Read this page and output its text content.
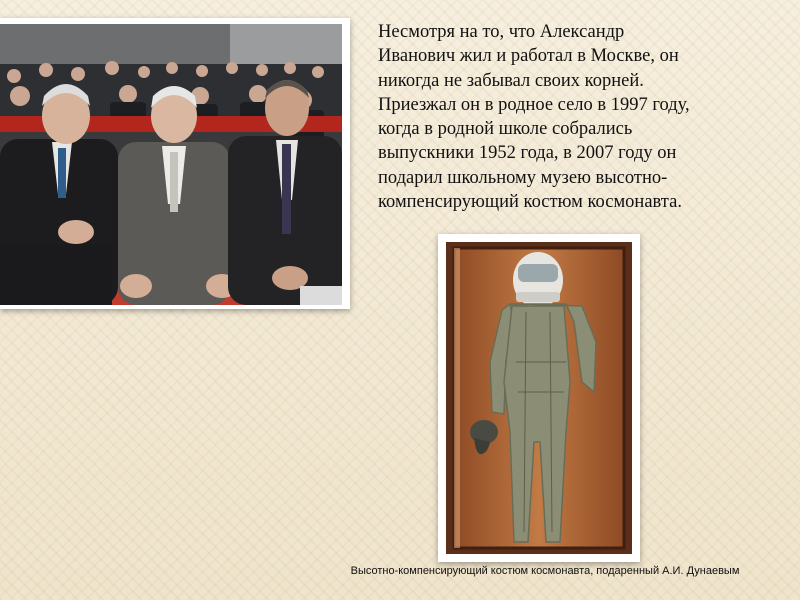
Несмотря на то, что Александр
Иванович жил и работал в Москве, он
никогда не забывал своих корней.
Приезжал он в родное село в 1997 году,
когда в родной школе собрались
выпускники 1952 года, в 2007 году он
подарил школьному музею высотно-
компенсирующий костюм космонавта.

Высотно-компенсирующий костюм космонавта, подаренный А.И. Дунаевым
